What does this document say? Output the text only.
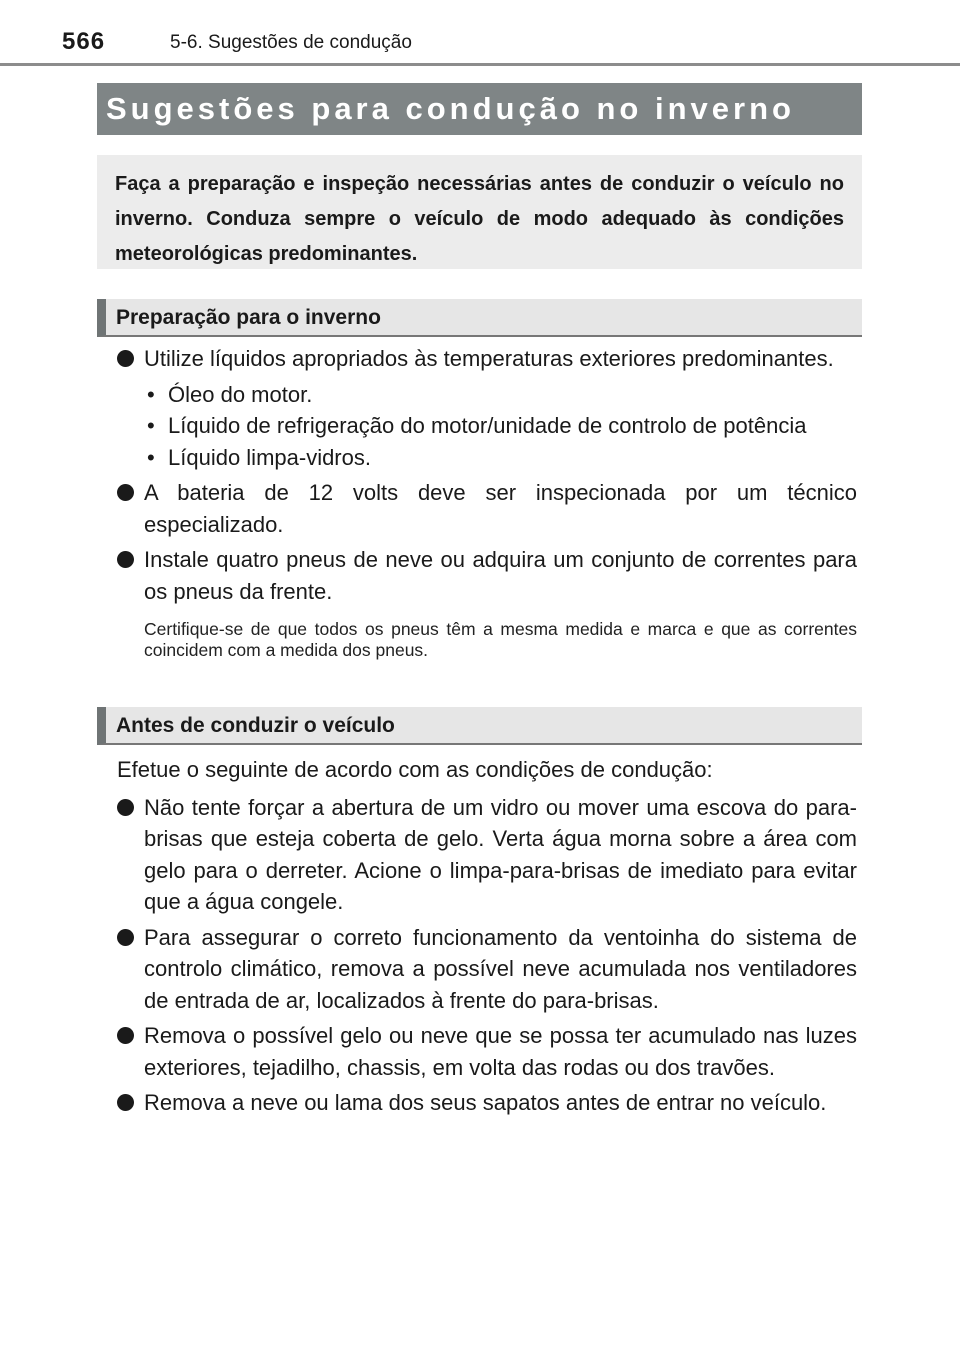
566	5-6. Sugestões de condução
Sugestões para condução no inverno
Faça a preparação e inspeção necessárias antes de conduzir o veículo no inverno. Conduza sempre o veículo de modo adequado às condições meteorológicas predominantes.
Preparação para o inverno
Utilize líquidos apropriados às temperaturas exteriores predominantes.
• Óleo do motor.
• Líquido de refrigeração do motor/unidade de controlo de potência
• Líquido limpa-vidros.
A bateria de 12 volts deve ser inspecionada por um técnico especializado.
Instale quatro pneus de neve ou adquira um conjunto de correntes para os pneus da frente.
Certifique-se de que todos os pneus têm a mesma medida e marca e que as correntes coincidem com a medida dos pneus.
Antes de conduzir o veículo
Efetue o seguinte de acordo com as condições de condução:
Não tente forçar a abertura de um vidro ou mover uma escova do para-brisas que esteja coberta de gelo. Verta água morna sobre a área com gelo para o derreter. Acione o limpa-para-brisas de imediato para evitar que a água congele.
Para assegurar o correto funcionamento da ventoinha do sistema de controlo climático, remova a possível neve acumulada nos ventiladores de entrada de ar, localizados à frente do para-brisas.
Remova o possível gelo ou neve que se possa ter acumulado nas luzes exteriores, tejadilho, chassis, em volta das rodas ou dos travões.
Remova a neve ou lama dos seus sapatos antes de entrar no veículo.
